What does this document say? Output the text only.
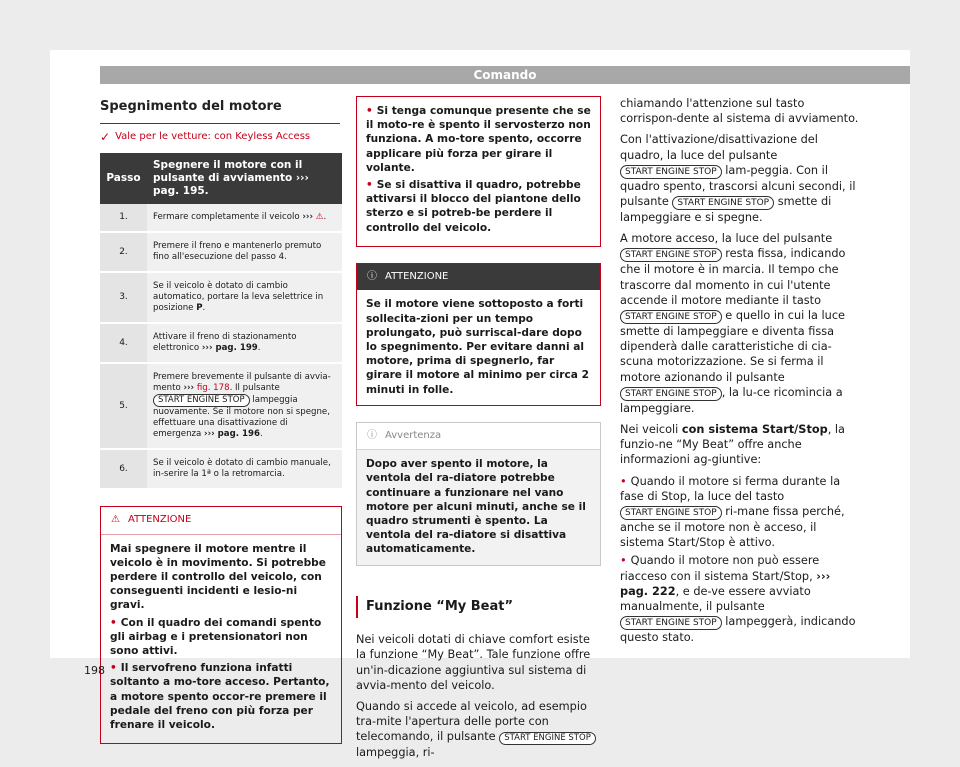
Comando
Spegnimento del motore
✓ Vale per le vetture: con Keyless Access
Passo	Spegnere il motore con il pulsante di avviamento ››› pag. 195.
1.	Fermare completamente il veicolo ››› ⚠.
2.	Premere il freno e mantenerlo premuto fino all'esecuzione del passo 4.
3.	Se il veicolo è dotato di cambio automatico, portare la leva selettrice in posizione P.
4.	Attivare il freno di stazionamento elettronico ››› pag. 199.
5.	Premere brevemente il pulsante di avvia-mento ››› fig. 178. Il pulsante
START ENGINE STOP lampeggia nuovamente. Se il motore non si spegne, effettuare una disattivazione di emergenza ››› pag. 196.
6.	Se il veicolo è dotato di cambio manuale, in-serire la 1ª o la retromarcia.
⚠ ATTENZIONE

Mai spegnere il motore mentre il veicolo è in movimento. Si potrebbe perdere il controllo del veicolo, con conseguenti incidenti e lesio-ni gravi.

• Con il quadro dei comandi spento gli airbag e i pretensionatori non sono attivi.

• Il servofreno funziona infatti soltanto a mo-tore acceso. Pertanto, a motore spento occor-re premere il pedale del freno con più forza per frenare il veicolo.

• Si tenga comunque presente che se il moto-re è spento il servosterzo non funziona. A mo-tore spento, occorre applicare più forza per girare il volante.

• Se si disattiva il quadro, potrebbe attivarsi il blocco del piantone dello sterzo e si potreb-be perdere il controllo del veicolo.

ⓘ ATTENZIONE
Se il motore viene sottoposto a forti sollecita-zioni per un tempo prolungato, può surriscal-dare dopo lo spegnimento. Per evitare danni al motore, prima di spegnerlo, far girare il motore al minimo per circa 2 minuti in folle.
ⓘ Avvertenza
Dopo aver spento il motore, la ventola del ra-diatore potrebbe continuare a funzionare nel vano motore per alcuni minuti, anche se il quadro strumenti è spento. La ventola del ra-diatore si disattiva automaticamente.
Funzione “My Beat”

Nei veicoli dotati di chiave comfort esiste la funzione “My Beat”. Tale funzione offre un'in-dicazione aggiuntiva sul sistema di avvia-mento del veicolo.

Quando si accede al veicolo, ad esempio tra-mite l'apertura delle porte con telecomando, il pulsante START ENGINE STOP lampeggia, ri-

chiamando l'attenzione sul tasto corrispon-dente al sistema di avviamento.

Con l'attivazione/disattivazione del quadro, la luce del pulsante START ENGINE STOP lam-peggia. Con il quadro spento, trascorsi alcuni secondi, il pulsante START ENGINE STOP smette di lampeggiare e si spegne.

A motore acceso, la luce del pulsante START ENGINE STOP resta fissa, indicando che il motore è in marcia. Il tempo che trascorre dal momento in cui l'utente accende il motore mediante il tasto START ENGINE STOP e quello in cui la luce smette di lampeggiare e diventa fissa dipenderà dalle caratteristiche di cia-scuna motorizzazione. Se si ferma il motore azionando il pulsante START ENGINE STOP , la lu-ce ricomincia a lampeggiare.

Nei veicoli con sistema Start/Stop, la funzio-ne “My Beat” offre anche informazioni ag-giuntive:

• Quando il motore si ferma durante la fase di Stop, la luce del tasto START ENGINE STOP ri-mane fissa perché, anche se il motore non è acceso, il sistema Start/Stop è attivo.

• Quando il motore non può essere riacceso con il sistema Start/Stop, ››› pag. 222, e de-ve essere avviato manualmente, il pulsante START ENGINE STOP lampeggerà, indicando questo stato.

198
